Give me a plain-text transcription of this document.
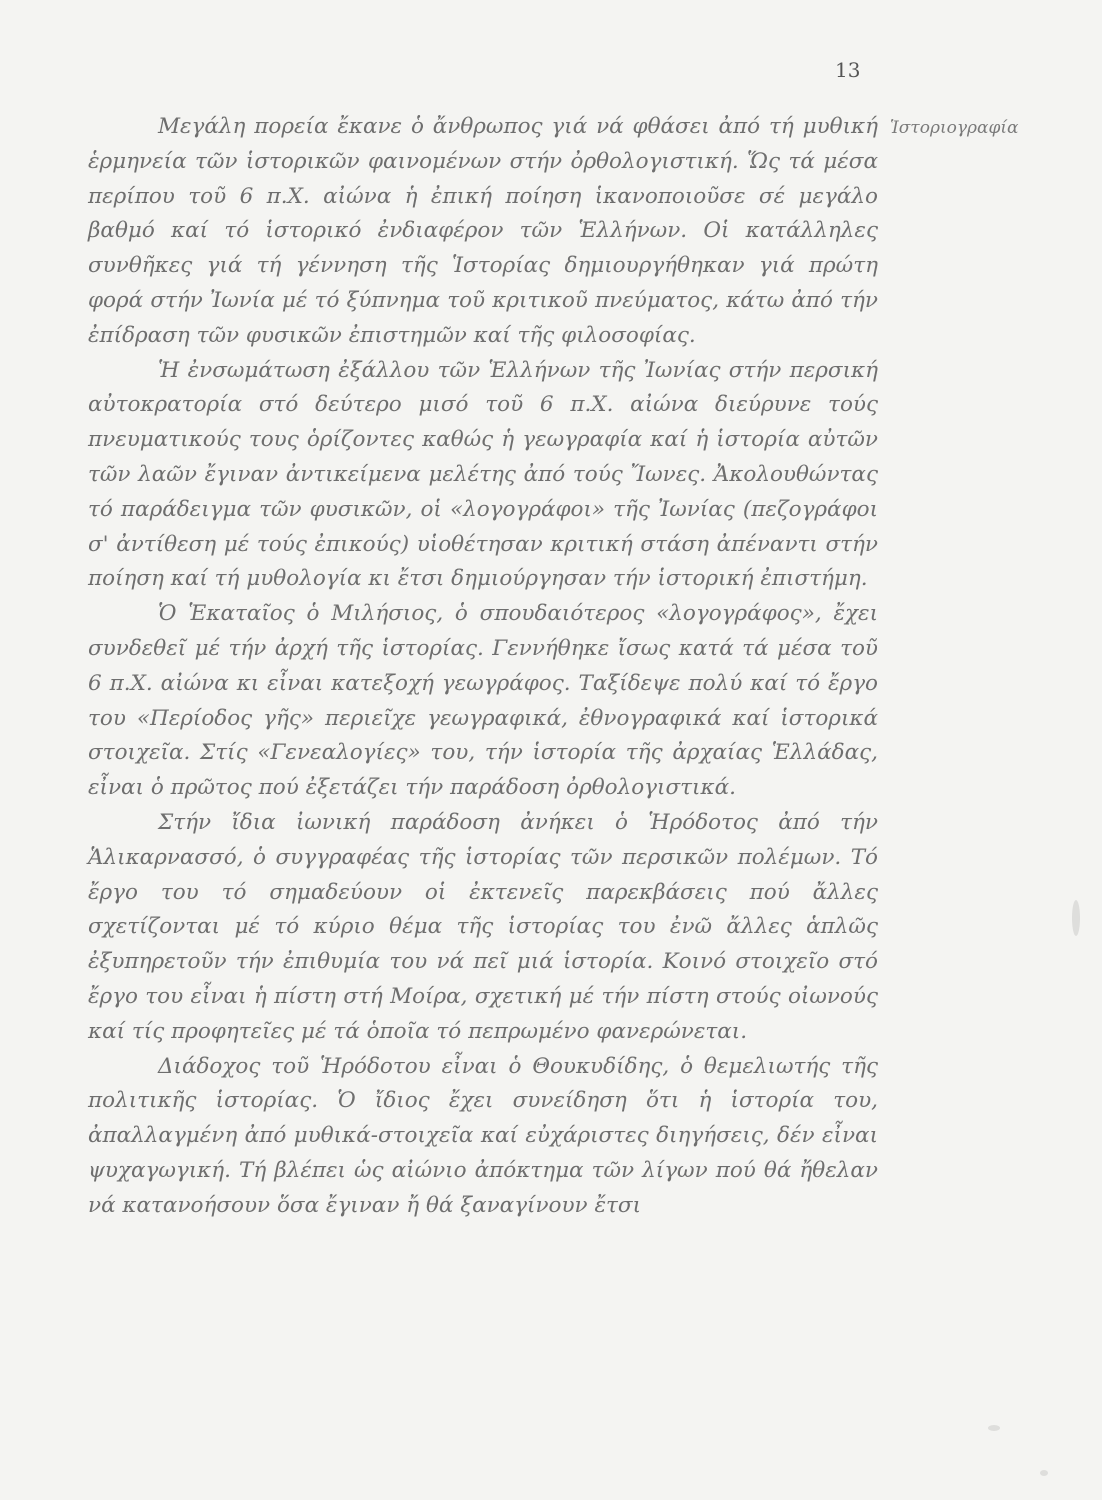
13
Ἱστοριογραφία

Μεγάλη πορεία ἔκανε ὁ ἄνθρωπος γιά νά φθάσει ἀπό τή μυθική ἑρμηνεία τῶν ἱστορικῶν φαινομένων στήν ὀρθολογιστική. Ὥς τά μέσα περίπου τοῦ 6 π.Χ. αἰώνα ἡ ἐπική ποίηση ἱκανοποιοῦσε σέ μεγάλο βαθμό καί τό ἱστορικό ἐνδιαφέρον τῶν Ἑλλήνων. Οἱ κατάλληλες συνθῆκες γιά τή γέννηση τῆς Ἱστορίας δημιουργήθηκαν γιά πρώτη φορά στήν Ἰωνία μέ τό ξύπνημα τοῦ κριτικοῦ πνεύματος, κάτω ἀπό τήν ἐπίδραση τῶν φυσικῶν ἐπιστημῶν καί τῆς φιλοσοφίας.

Ἡ ἐνσωμάτωση ἐξάλλου τῶν Ἑλλήνων τῆς Ἰωνίας στήν περσική αὐτοκρατορία στό δεύτερο μισό τοῦ 6 π.Χ. αἰώνα διεύρυνε τούς πνευματικούς τους ὁρίζοντες καθώς ἡ γεωγραφία καί ἡ ἱστορία αὐτῶν τῶν λαῶν ἔγιναν ἀντικείμενα μελέτης ἀπό τούς Ἴωνες. Ἀκολουθώντας τό παράδειγμα τῶν φυσικῶν, οἱ «λογογράφοι» τῆς Ἰωνίας (πεζογράφοι σ' ἀντίθεση μέ τούς ἐπικούς) υἱοθέτησαν κριτική στάση ἀπέναντι στήν ποίηση καί τή μυθολογία κι ἔτσι δημιούργησαν τήν ἱστορική ἐπιστήμη.

Ὁ Ἑκαταῖος ὁ Μιλήσιος, ὁ σπουδαιότερος «λογογράφος», ἔχει συνδεθεῖ μέ τήν ἀρχή τῆς ἱστορίας. Γεννήθηκε ἴσως κατά τά μέσα τοῦ 6 π.Χ. αἰώνα κι εἶναι κατεξοχή γεωγράφος. Ταξίδεψε πολύ καί τό ἔργο του «Περίοδος γῆς» περιεῖχε γεωγραφικά, ἐθνογραφικά καί ἱστορικά στοιχεῖα. Στίς «Γενεαλογίες» του, τήν ἱστορία τῆς ἀρχαίας Ἑλλάδας, εἶναι ὁ πρῶτος πού ἐξετάζει τήν παράδοση ὀρθολογιστικά.

Στήν ἴδια ἰωνική παράδοση ἀνήκει ὁ Ἡρόδοτος ἀπό τήν Ἁλικαρνασσό, ὁ συγγραφέας τῆς ἱστορίας τῶν περσικῶν πολέμων. Τό ἔργο του τό σημαδεύουν οἱ ἐκτενεῖς παρεκβάσεις πού ἄλλες σχετίζονται μέ τό κύριο θέμα τῆς ἱστορίας του ἐνῶ ἄλλες ἁπλῶς ἐξυπηρετοῦν τήν ἐπιθυμία του νά πεῖ μιά ἱστορία. Κοινό στοιχεῖο στό ἔργο του εἶναι ἡ πίστη στή Μοίρα, σχετική μέ τήν πίστη στούς οἰωνούς καί τίς προφητεῖες μέ τά ὁποῖα τό πεπρωμένο φανερώνεται.

Διάδοχος τοῦ Ἡρόδοτου εἶναι ὁ Θουκυδίδης, ὁ θεμελιωτής τῆς πολιτικῆς ἱστορίας. Ὁ ἴδιος ἔχει συνείδηση ὅτι ἡ ἱστορία του, ἀπαλλαγμένη ἀπό μυθικά-στοιχεῖα καί εὐχάριστες διηγήσεις, δέν εἶναι ψυχαγωγική. Τή βλέπει ὡς αἰώνιο ἀπόκτημα τῶν λίγων πού θά ἤθελαν νά κατανοήσουν ὅσα ἔγιναν ἤ θά ξαναγίνουν ἔτσι
